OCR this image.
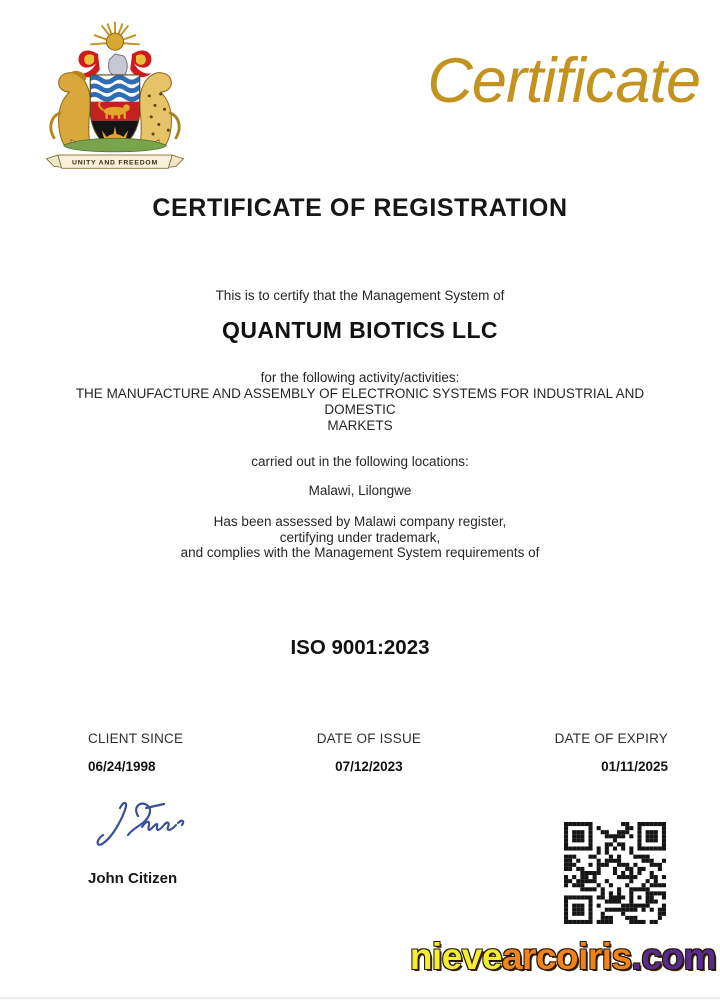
UNITY AND FREEDOM
Certificate
CERTIFICATE OF REGISTRATION
This is to certify that the Management System of
QUANTUM BIOTICS LLC
for the following activity/activities:
THE MANUFACTURE AND ASSEMBLY OF ELECTRONIC SYSTEMS FOR INDUSTRIAL AND
DOMESTIC
MARKETS
carried out in the following locations:
Malawi, Lilongwe
Has been assessed by Malawi company register,
certifying under trademark,
and complies with the Management System requirements of
ISO 9001:2023
CLIENT SINCE
06/24/1998
DATE OF ISSUE
07/12/2023
DATE OF EXPIRY
01/11/2025
John Citizen
nievearcoiris.com
